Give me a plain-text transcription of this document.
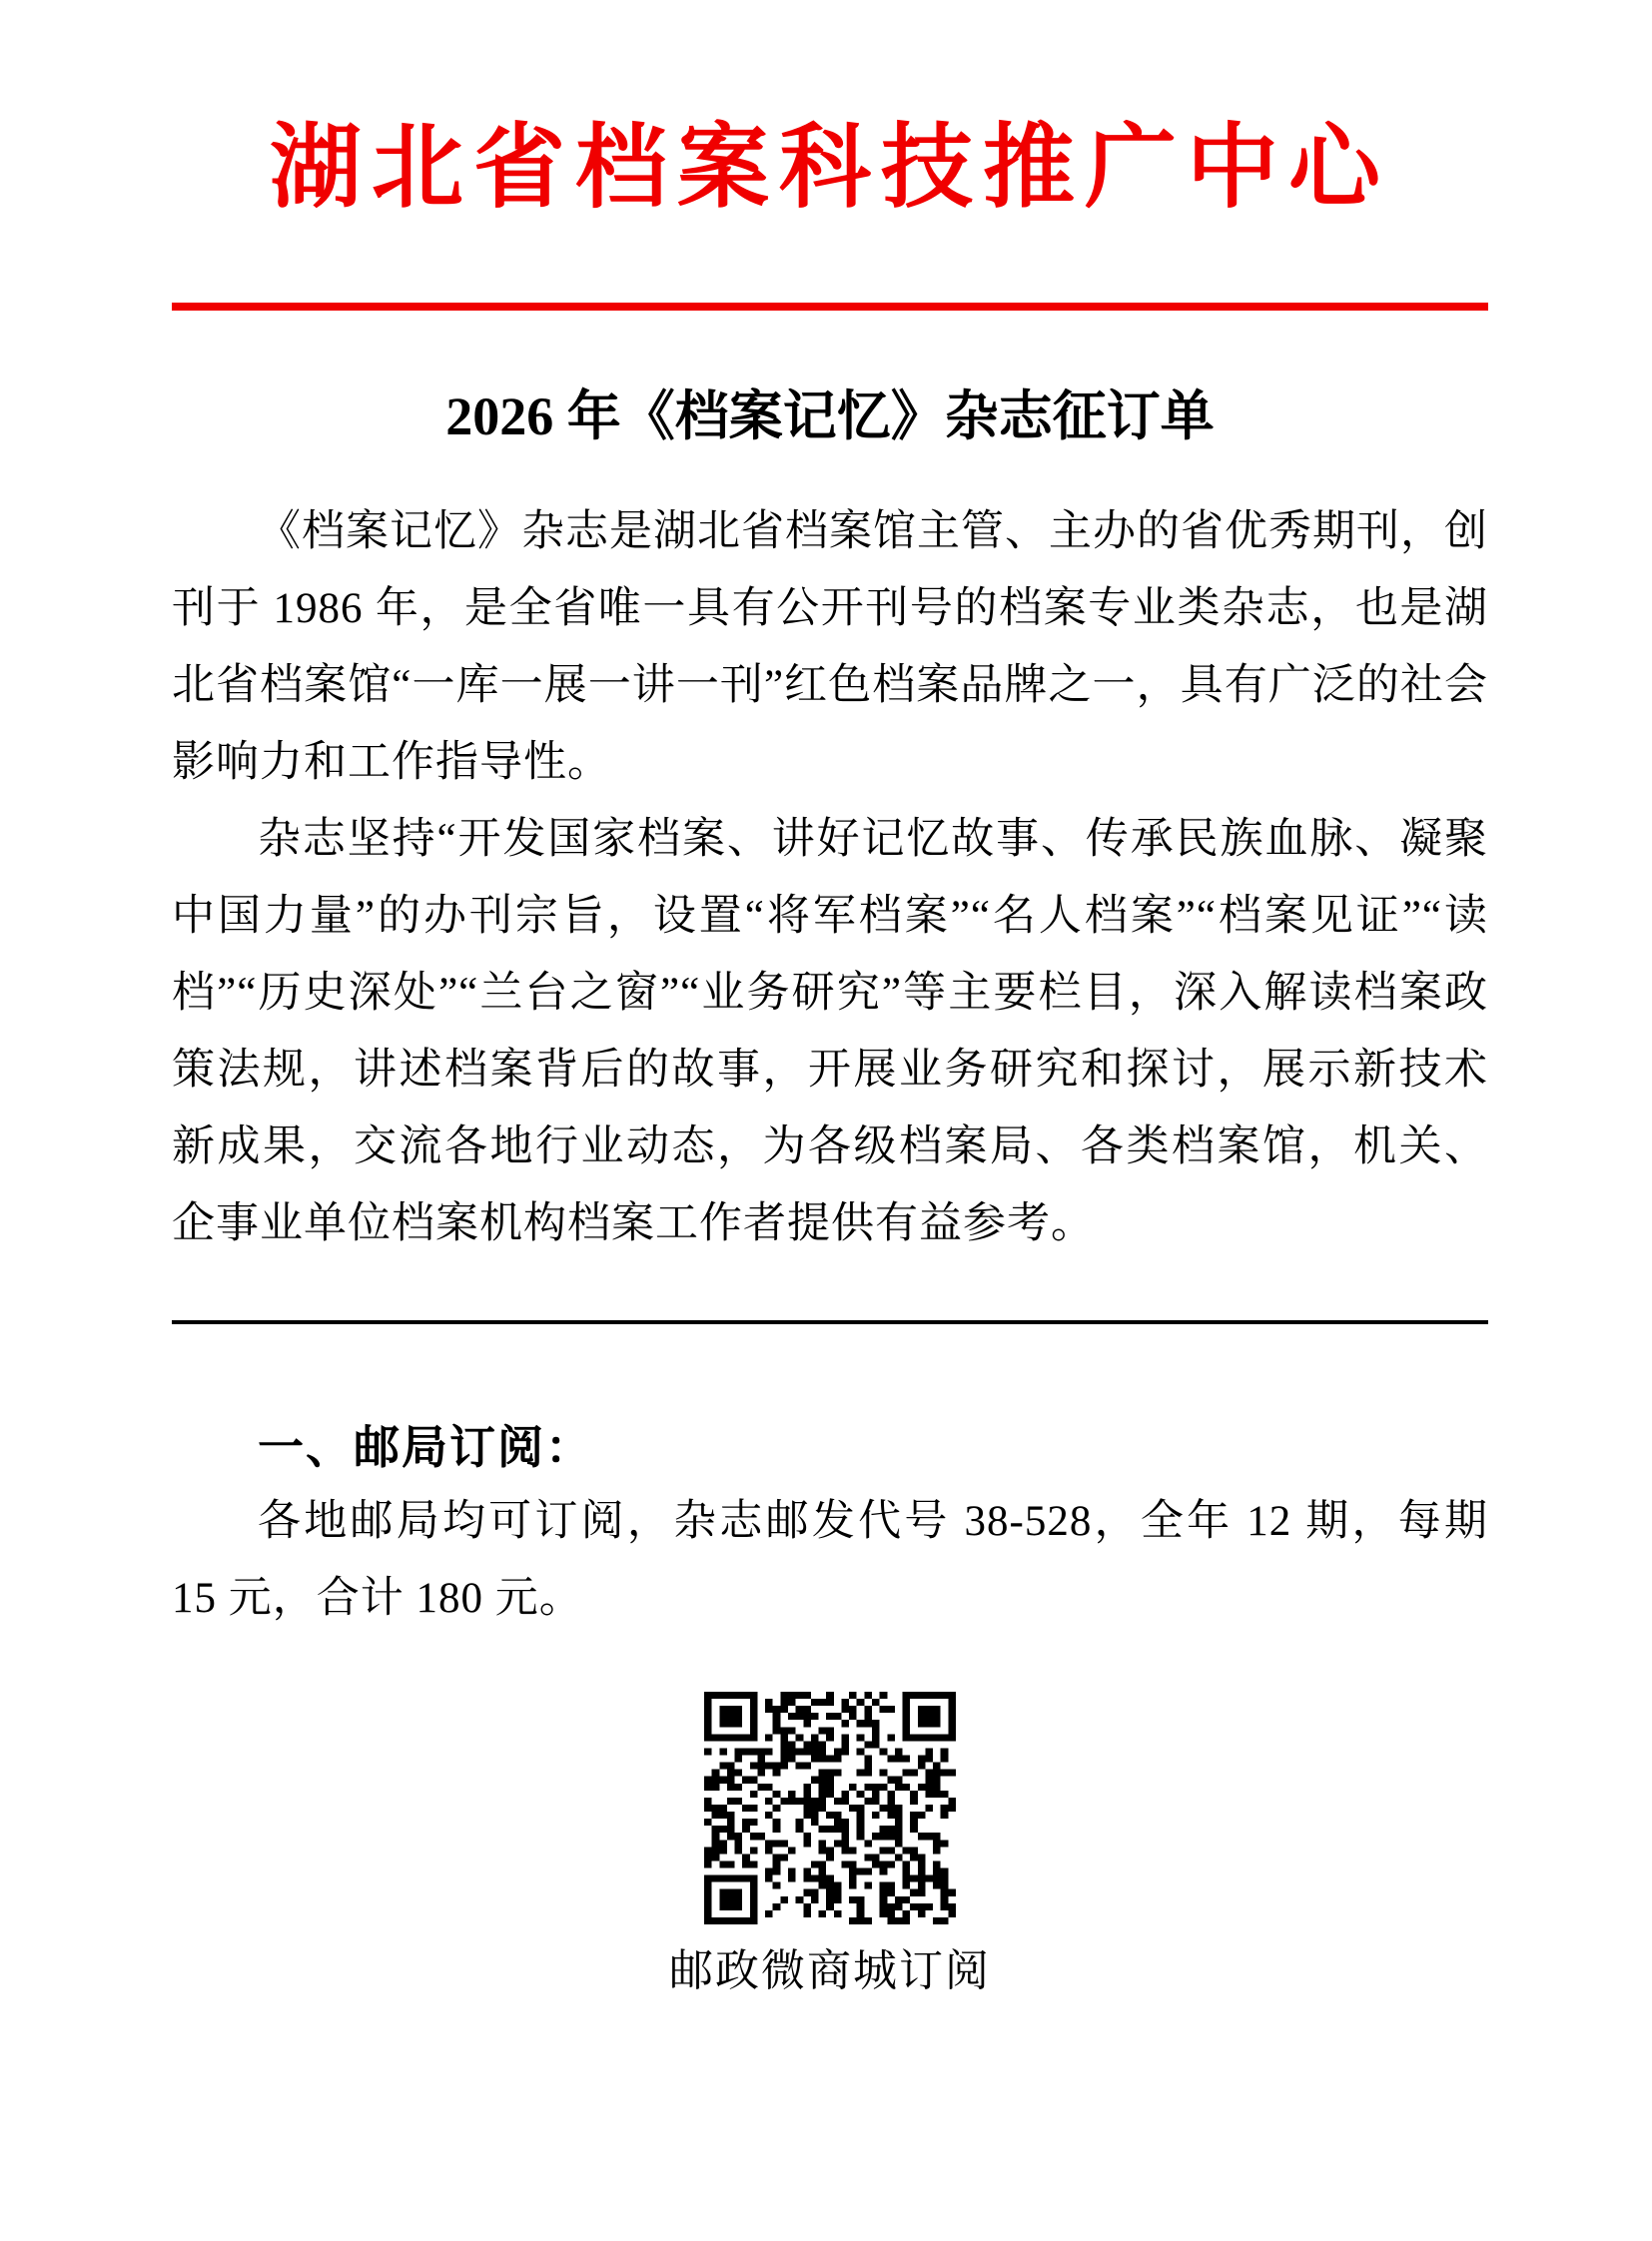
湖北省档案科技推广中心
2026 年《档案记忆》杂志征订单

《档案记忆》杂志是湖北省档案馆主管、主办的省优秀期刊，创刊于 1986 年，是全省唯一具有公开刊号的档案专业类杂志，也是湖北省档案馆“一库一展一讲一刊”红色档案品牌之一，具有广泛的社会影响力和工作指导性。

杂志坚持“开发国家档案、讲好记忆故事、传承民族血脉、凝聚中国力量”的办刊宗旨，设置“将军档案”“名人档案”“档案见证”“读档”“历史深处”“兰台之窗”“业务研究”等主要栏目，深入解读档案政策法规，讲述档案背后的故事，开展业务研究和探讨，展示新技术新成果，交流各地行业动态，为各级档案局、各类档案馆，机关、企事业单位档案机构档案工作者提供有益参考。

一、邮局订阅：

各地邮局均可订阅，杂志邮发代号 38-528，全年 12 期，每期 15 元，合计 180 元。

邮政微商城订阅
